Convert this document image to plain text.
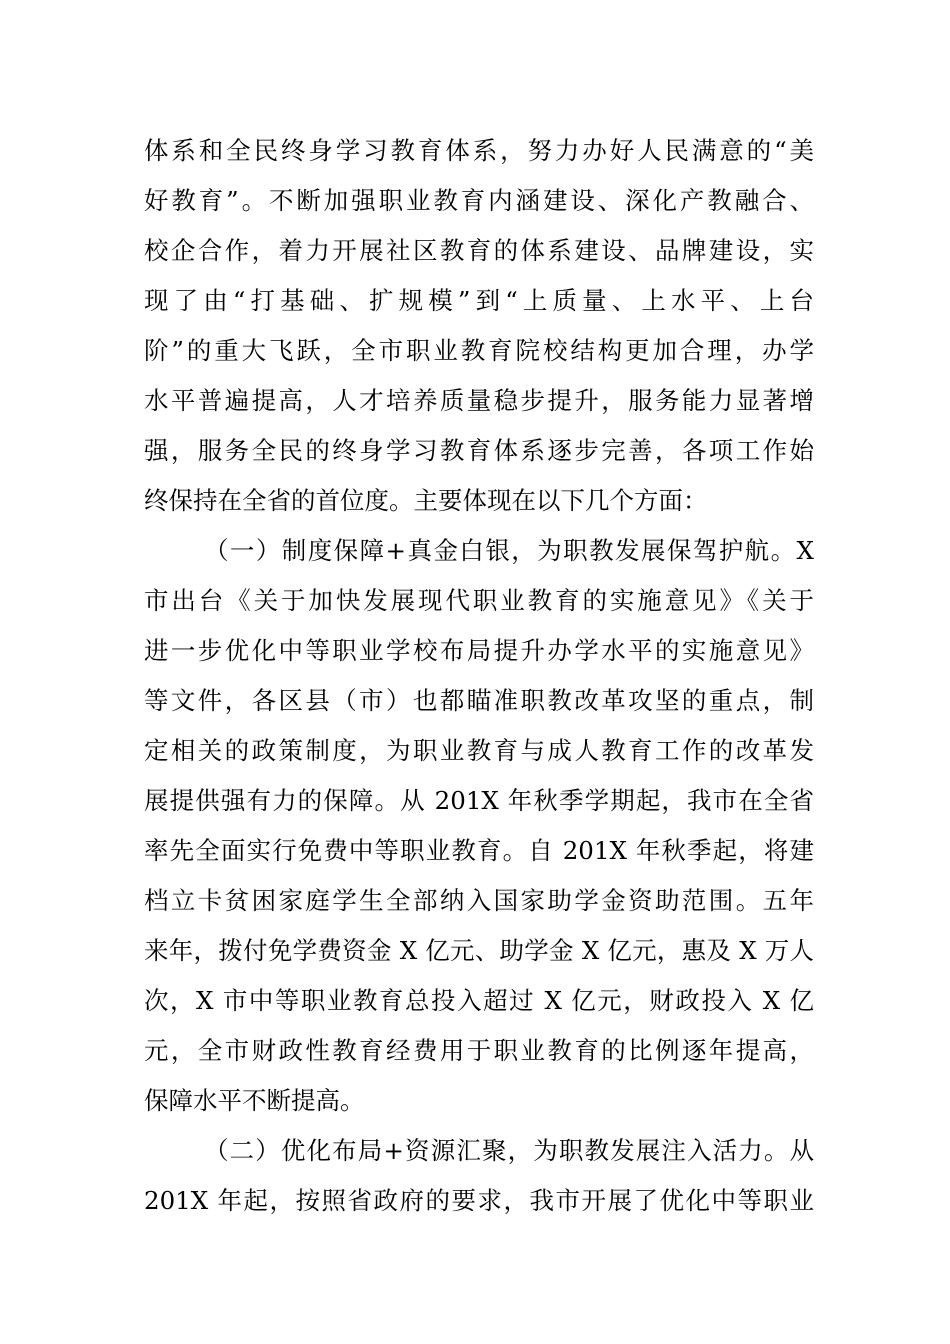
体系和全民终身学习教育体系，努力办好人民满意的“美
好教育”。不断加强职业教育内涵建设、深化产教融合、
校企合作，着力开展社区教育的体系建设、品牌建设，实
现了由“打基础、扩规模”到“上质量、上水平、上台
阶”的重大飞跃，全市职业教育院校结构更加合理，办学
水平普遍提高，人才培养质量稳步提升，服务能力显著增
强，服务全民的终身学习教育体系逐步完善，各项工作始
终保持在全省的首位度。主要体现在以下几个方面：
（一）制度保障+真金白银，为职教发展保驾护航。X
市出台《关于加快发展现代职业教育的实施意见》《关于
进一步优化中等职业学校布局提升办学水平的实施意见》
等文件，各区县（市）也都瞄准职教改革攻坚的重点，制
定相关的政策制度，为职业教育与成人教育工作的改革发
展提供强有力的保障。从 201X 年秋季学期起，我市在全省
率先全面实行免费中等职业教育。自 201X 年秋季起，将建
档立卡贫困家庭学生全部纳入国家助学金资助范围。五年
来年，拨付免学费资金 X 亿元、助学金 X 亿元，惠及 X 万人
次，X 市中等职业教育总投入超过 X 亿元，财政投入 X 亿
元，全市财政性教育经费用于职业教育的比例逐年提高，
保障水平不断提高。
（二）优化布局+资源汇聚，为职教发展注入活力。从
201X 年起，按照省政府的要求，我市开展了优化中等职业
